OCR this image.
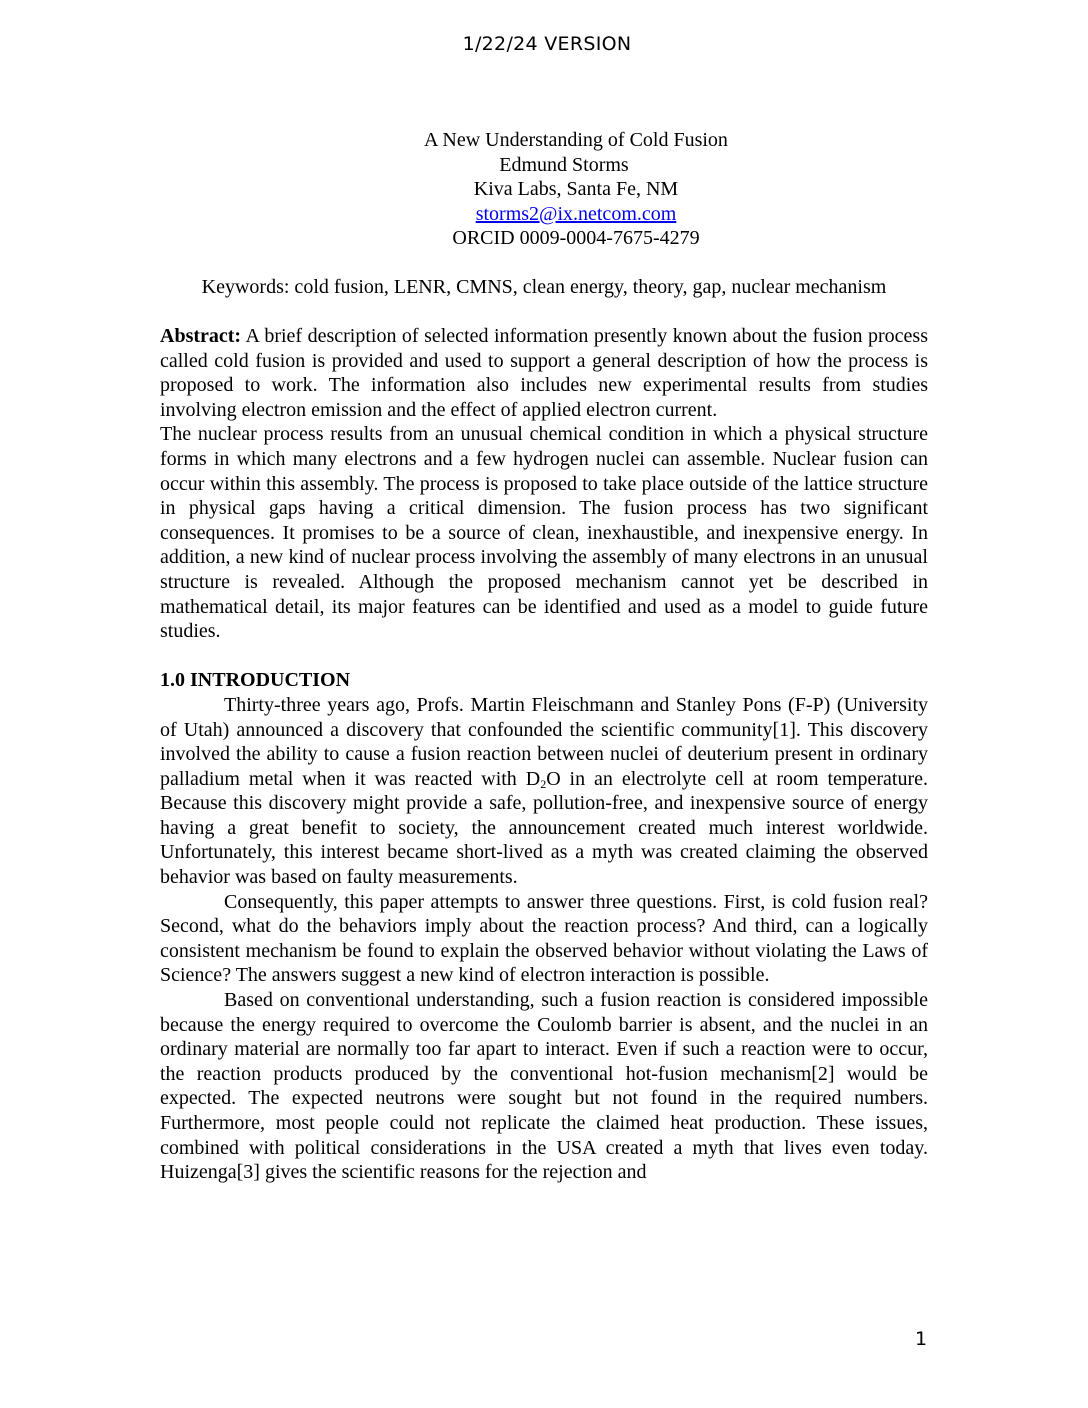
1/22/24 VERSION
A New Understanding of Cold Fusion
Edmund Storms
Kiva Labs, Santa Fe, NM
storms2@ix.netcom.com
ORCID 0009-0004-7675-4279
Keywords: cold fusion, LENR, CMNS, clean energy, theory, gap, nuclear mechanism

Abstract: A brief description of selected information presently known about the fusion process called cold fusion is provided and used to support a general description of how the process is proposed to work. The information also includes new experimental results from studies involving electron emission and the effect of applied electron current.

The nuclear process results from an unusual chemical condition in which a physical structure forms in which many electrons and a few hydrogen nuclei can assemble. Nuclear fusion can occur within this assembly. The process is proposed to take place outside of the lattice structure in physical gaps having a critical dimension. The fusion process has two significant consequences. It promises to be a source of clean, inexhaustible, and inexpensive energy. In addition, a new kind of nuclear process involving the assembly of many electrons in an unusual structure is revealed. Although the proposed mechanism cannot yet be described in mathematical detail, its major features can be identified and used as a model to guide future studies.

1.0 INTRODUCTION

Thirty-three years ago, Profs. Martin Fleischmann and Stanley Pons (F-P) (University of Utah) announced a discovery that confounded the scientific community[1]. This discovery involved the ability to cause a fusion reaction between nuclei of deuterium present in ordinary palladium metal when it was reacted with $D_2O$ in an electrolyte cell at room temperature. Because this discovery might provide a safe, pollution-free, and inexpensive source of energy having a great benefit to society, the announcement created much interest worldwide. Unfortunately, this interest became short-lived as a myth was created claiming the observed behavior was based on faulty measurements.

Consequently, this paper attempts to answer three questions. First, is cold fusion real? Second, what do the behaviors imply about the reaction process? And third, can a logically consistent mechanism be found to explain the observed behavior without violating the Laws of Science? The answers suggest a new kind of electron interaction is possible.

Based on conventional understanding, such a fusion reaction is considered impossible because the energy required to overcome the Coulomb barrier is absent, and the nuclei in an ordinary material are normally too far apart to interact. Even if such a reaction were to occur, the reaction products produced by the conventional hot-fusion mechanism[2] would be expected. The expected neutrons were sought but not found in the required numbers. Furthermore, most people could not replicate the claimed heat production. These issues, combined with political considerations in the USA created a myth that lives even today. Huizenga[3] gives the scientific reasons for the rejection and

1
